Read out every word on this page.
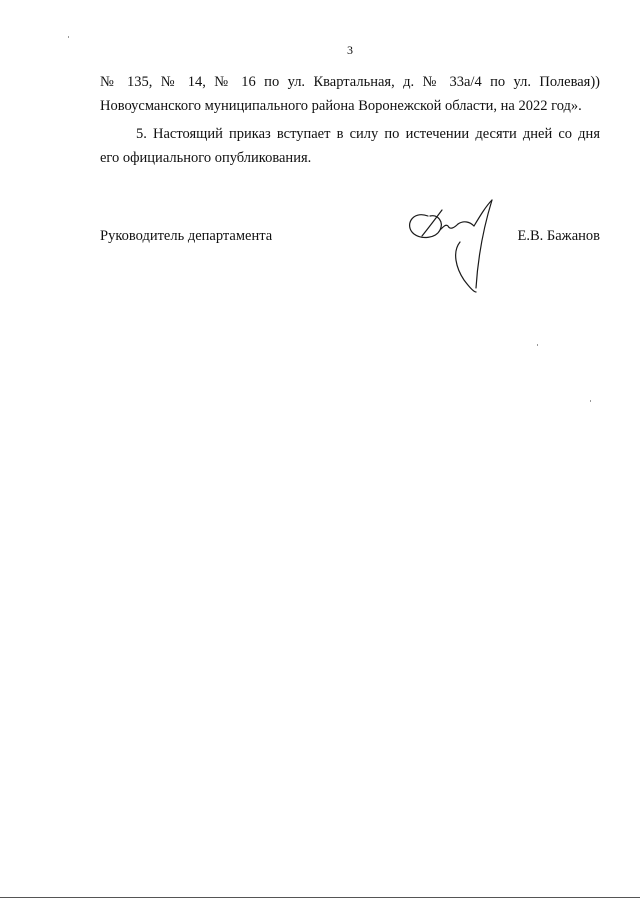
3
№ 135, № 14, № 16 по ул. Квартальная, д. № 33а/4 по ул. Полевая))
Новоусманского муниципального района Воронежской области, на 2022 год».
5. Настоящий приказ вступает в силу по истечении десяти дней со дня
его официального опубликования.
Руководитель департамента	Е.В. Бажанов
